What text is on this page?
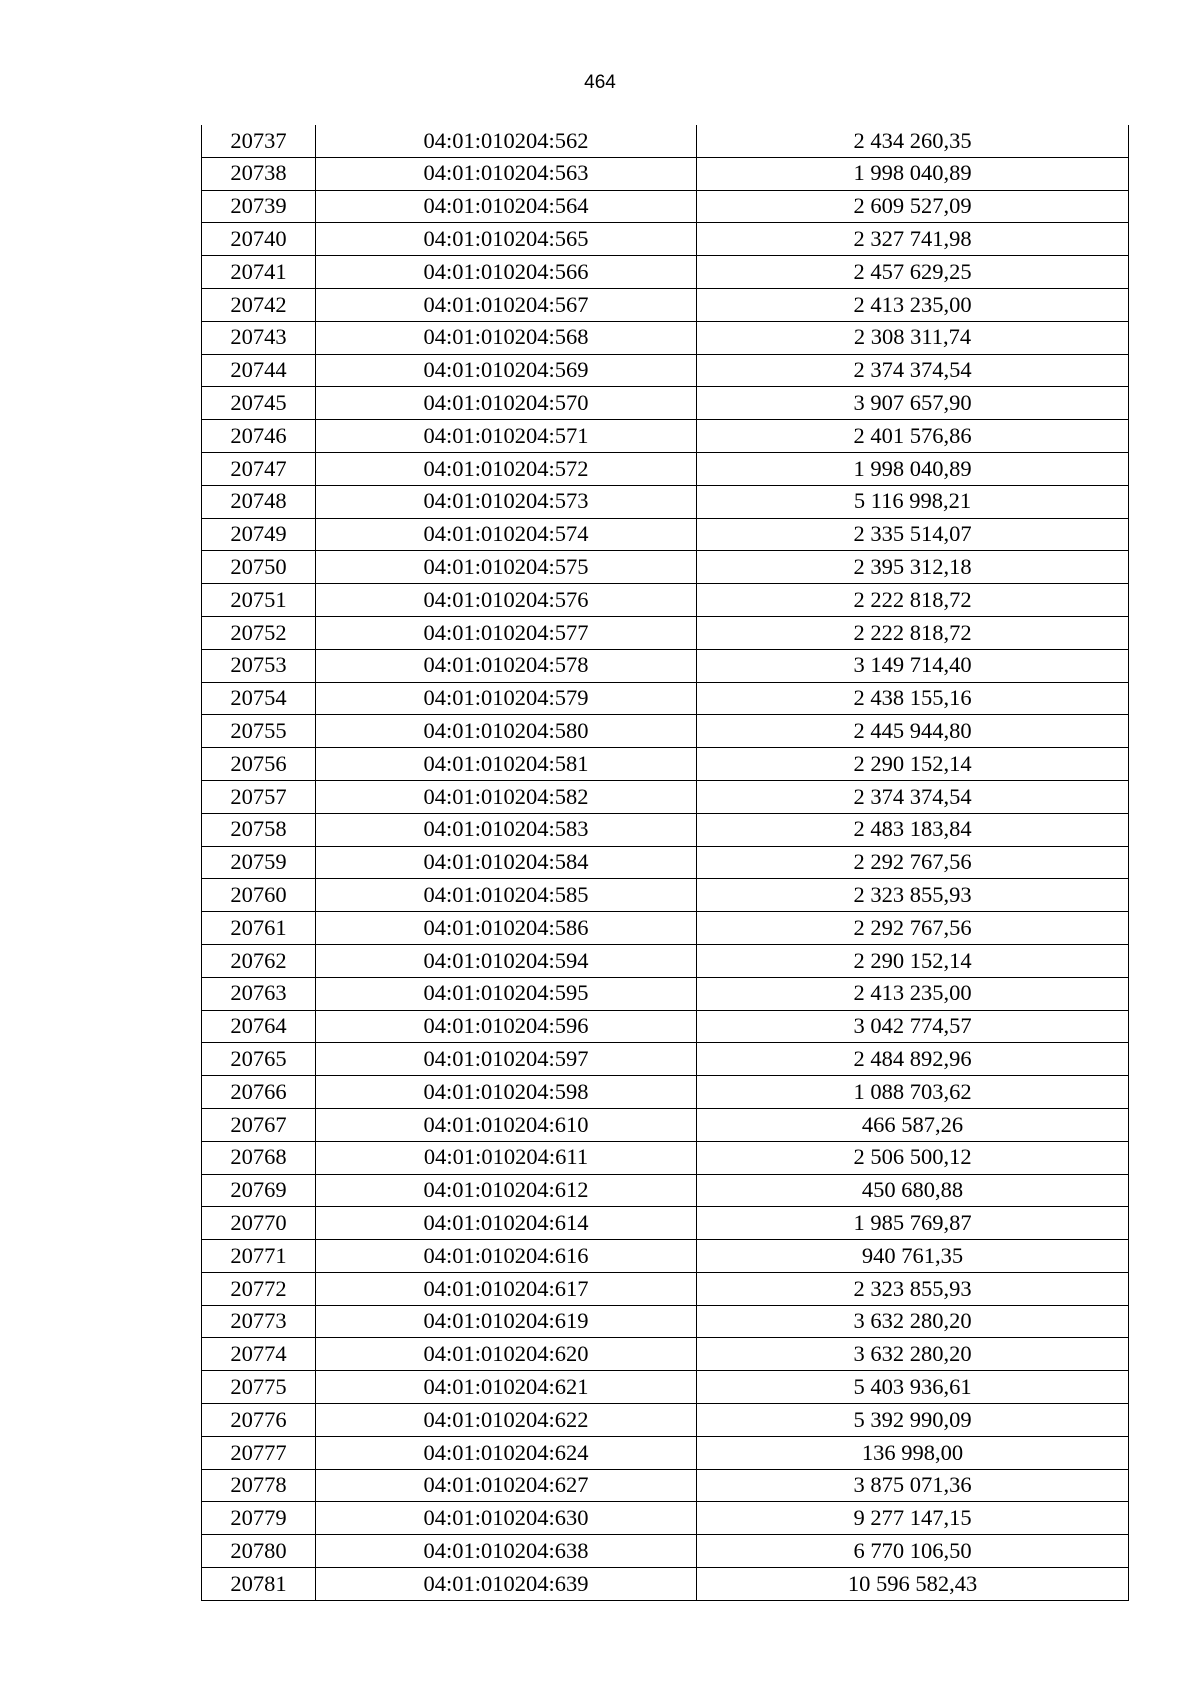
464
20737	04:01:010204:562	2 434 260,35
20738	04:01:010204:563	1 998 040,89
20739	04:01:010204:564	2 609 527,09
20740	04:01:010204:565	2 327 741,98
20741	04:01:010204:566	2 457 629,25
20742	04:01:010204:567	2 413 235,00
20743	04:01:010204:568	2 308 311,74
20744	04:01:010204:569	2 374 374,54
20745	04:01:010204:570	3 907 657,90
20746	04:01:010204:571	2 401 576,86
20747	04:01:010204:572	1 998 040,89
20748	04:01:010204:573	5 116 998,21
20749	04:01:010204:574	2 335 514,07
20750	04:01:010204:575	2 395 312,18
20751	04:01:010204:576	2 222 818,72
20752	04:01:010204:577	2 222 818,72
20753	04:01:010204:578	3 149 714,40
20754	04:01:010204:579	2 438 155,16
20755	04:01:010204:580	2 445 944,80
20756	04:01:010204:581	2 290 152,14
20757	04:01:010204:582	2 374 374,54
20758	04:01:010204:583	2 483 183,84
20759	04:01:010204:584	2 292 767,56
20760	04:01:010204:585	2 323 855,93
20761	04:01:010204:586	2 292 767,56
20762	04:01:010204:594	2 290 152,14
20763	04:01:010204:595	2 413 235,00
20764	04:01:010204:596	3 042 774,57
20765	04:01:010204:597	2 484 892,96
20766	04:01:010204:598	1 088 703,62
20767	04:01:010204:610	466 587,26
20768	04:01:010204:611	2 506 500,12
20769	04:01:010204:612	450 680,88
20770	04:01:010204:614	1 985 769,87
20771	04:01:010204:616	940 761,35
20772	04:01:010204:617	2 323 855,93
20773	04:01:010204:619	3 632 280,20
20774	04:01:010204:620	3 632 280,20
20775	04:01:010204:621	5 403 936,61
20776	04:01:010204:622	5 392 990,09
20777	04:01:010204:624	136 998,00
20778	04:01:010204:627	3 875 071,36
20779	04:01:010204:630	9 277 147,15
20780	04:01:010204:638	6 770 106,50
20781	04:01:010204:639	10 596 582,43
